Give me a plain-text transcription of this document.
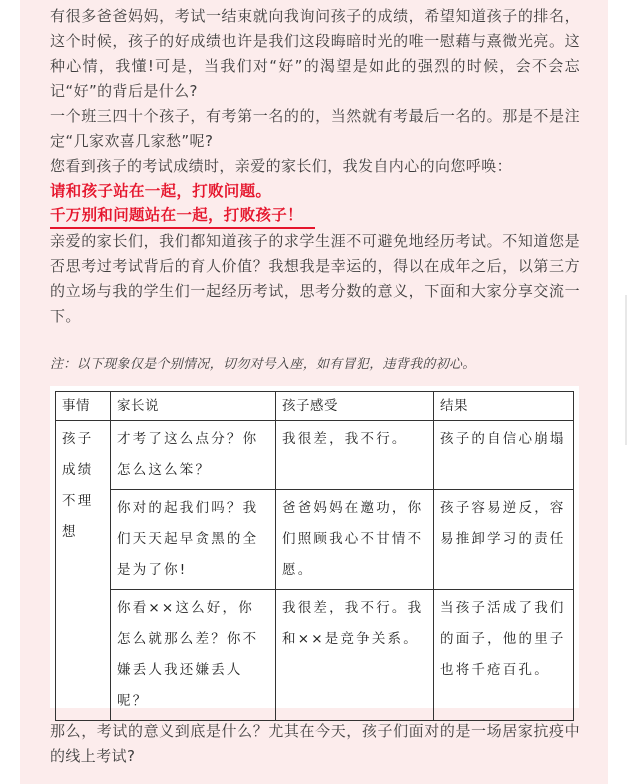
有很多爸爸妈妈，考试一结束就向我询问孩子的成绩，希望知道孩子的排名，这个时候，孩子的好成绩也许是我们这段晦暗时光的唯一慰藉与熹微光亮。这种心情，我懂!可是，当我们对“好”的渴望是如此的强烈的时候，会不会忘记“好”的背后是什么?
一个班三四十个孩子，有考第一名的的，当然就有考最后一名的。那是不是注定“几家欢喜几家愁”呢?
您看到孩子的考试成绩时，亲爱的家长们，我发自内心的向您呼唤：
请和孩子站在一起，打败问题。
千万别和问题站在一起，打败孩子！
亲爱的家长们，我们都知道孩子的求学生涯不可避免地经历考试。不知道您是否思考过考试背后的育人价值？我想我是幸运的，得以在成年之后，以第三方的立场与我的学生们一起经历考试，思考分数的意义，下面和大家分享交流一下。
注：以下现象仅是个别情况，切勿对号入座，如有冒犯，违背我的初心。
事情	家长说	孩子感受	结果
孩子成绩不理想	才考了这么点分？你怎么这么笨？	我很差，我不行。	孩子的自信心崩塌
	你对的起我们吗？我们天天起早贪黑的全是为了你!	爸爸妈妈在邀功，你们照顾我心不甘情不愿。	孩子容易逆反，容易推卸学习的责任
	你看××这么好，你怎么就那么差？你不嫌丢人我还嫌丢人呢？	我很差，我不行。我和××是竞争关系。	当孩子活成了我们的面子，他的里子也将千疮百孔。
那么，考试的意义到底是什么？尤其在今天，孩子们面对的是一场居家抗疫中的线上考试?
